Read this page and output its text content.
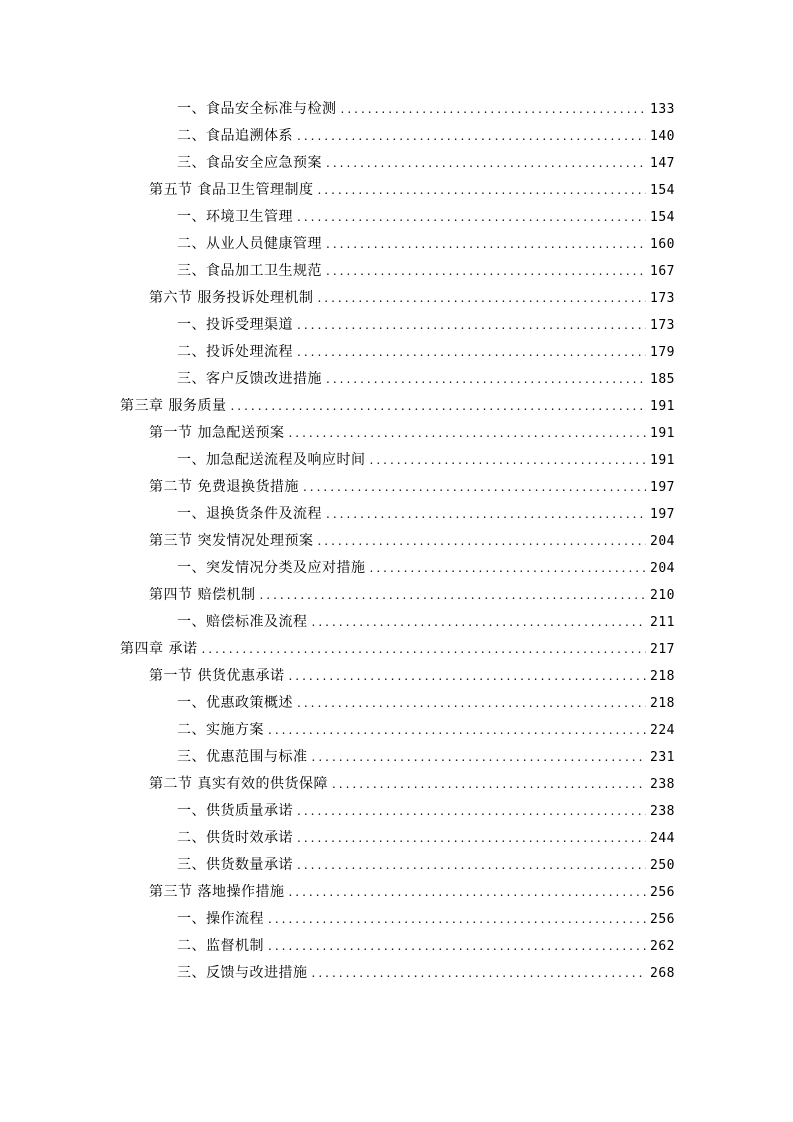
一、食品安全标准与检测 .....	133
二、食品追溯体系 .....	140
三、食品安全应急预案 .....	147
第五节 食品卫生管理制度 .....	154
一、环境卫生管理 .....	154
二、从业人员健康管理 .....	160
三、食品加工卫生规范 .....	167
第六节 服务投诉处理机制 .....	173
一、投诉受理渠道 .....	173
二、投诉处理流程 .....	179
三、客户反馈改进措施 .....	185
第三章 服务质量 .....	191
第一节 加急配送预案 .....	191
一、加急配送流程及响应时间 .....	191
第二节 免费退换货措施 .....	197
一、退换货条件及流程 .....	197
第三节 突发情况处理预案 .....	204
一、突发情况分类及应对措施 .....	204
第四节 赔偿机制 .....	210
一、赔偿标准及流程 .....	211
第四章 承诺 .....	217
第一节 供货优惠承诺 .....	218
一、优惠政策概述 .....	218
二、实施方案 .....	224
三、优惠范围与标准 .....	231
第二节 真实有效的供货保障 .....	238
一、供货质量承诺 .....	238
二、供货时效承诺 .....	244
三、供货数量承诺 .....	250
第三节 落地操作措施 .....	256
一、操作流程 .....	256
二、监督机制 .....	262
三、反馈与改进措施 .....	268
